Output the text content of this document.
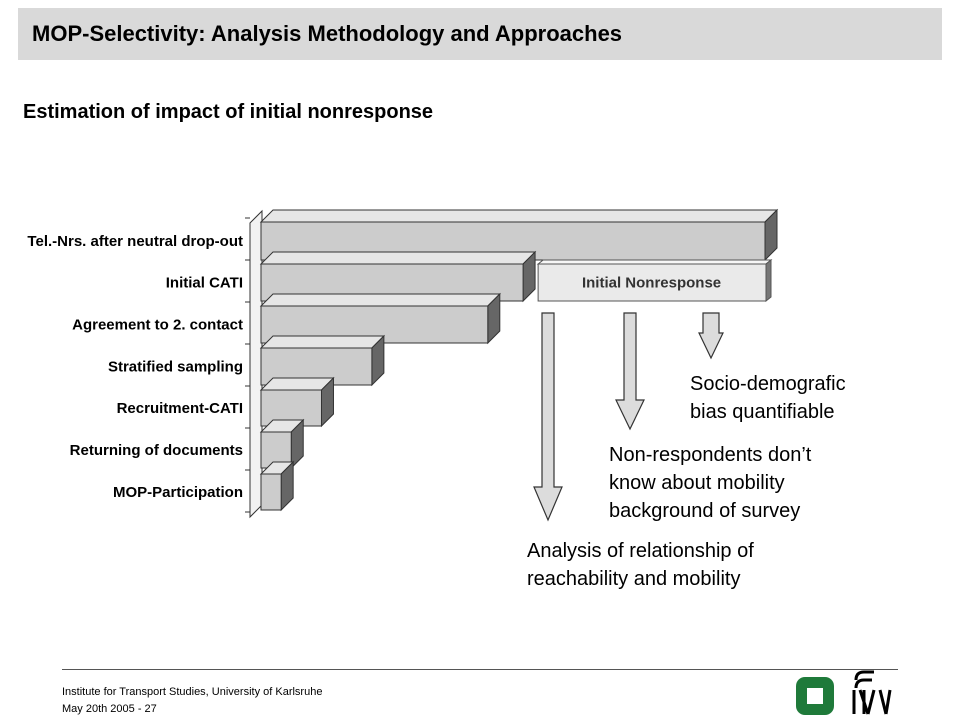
MOP-Selectivity: Analysis Methodology and Approaches
Estimation of impact of initial nonresponse
Initial Nonresponse
Tel.-Nrs. after neutral drop-out
Initial CATI
Agreement to 2. contact
Stratified sampling
Recruitment-CATI
Returning of documents
MOP-Participation
Socio-demografic bias quantifiable
Non-respondents don’t know about mobility background of survey
Analysis of relationship of reachability and mobility
Institute for Transport Studies, University of Karlsruhe
May 20th 2005 - 27
